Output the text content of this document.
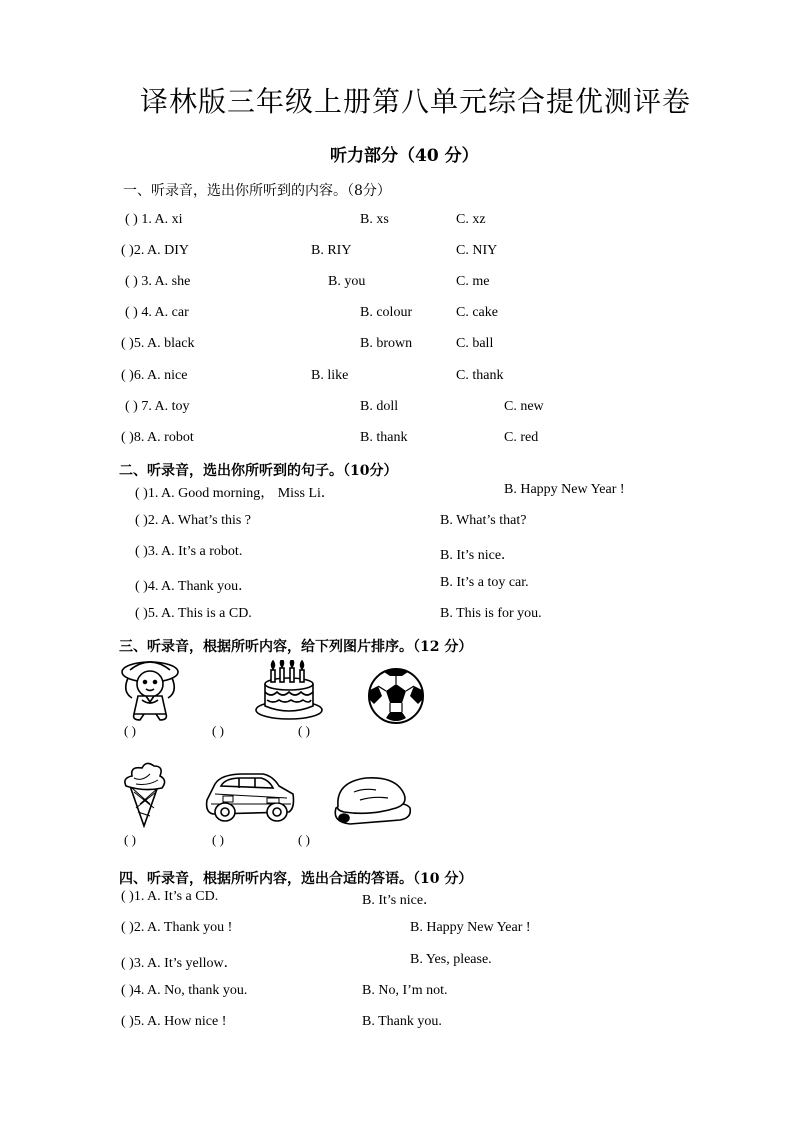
译林版三年级上册第八单元综合提优测评卷
听力部分（40 分）
一、听录音，选出你所听到的内容。（8分）
( ) 1. A. xi	B. xs	C. xz
( )2. A. DIY	B. RIY	C. NIY
( ) 3. A. she	B. you	C. me
( ) 4. A. car	B. colour	C. cake
( )5. A. black	B. brown	C. ball
( )6. A. nice	B. like	C. thank
( ) 7. A. toy	B. doll	C. new
( )8. A. robot	B. thank	C. red
二、听录音，选出你所听到的句子。（10分）
( )1. A. Good morning， Miss Li．	B. Happy New Year !
( )2. A. What’s this ?	B. What’s that?
( )3. A. It’s a robot.	B. It’s nice．
( )4. A. Thank you．	B. It’s a toy car.
( )5. A. This is a CD.	B. This is for you.
三、听录音，根据所听内容，给下列图片排序。（12 分）
( )	( )	( )
( )	( )	( )
四、听录音，根据所听内容，选出合适的答语。（10 分）
( )1. A. It’s a CD.	B. It’s nice．
( )2. A. Thank you !	B. Happy New Year !
( )3. A. It’s yellow．	B. Yes, please.
( )4. A. No, thank you.	B. No, I’m not.
( )5. A. How nice !	B. Thank you.
